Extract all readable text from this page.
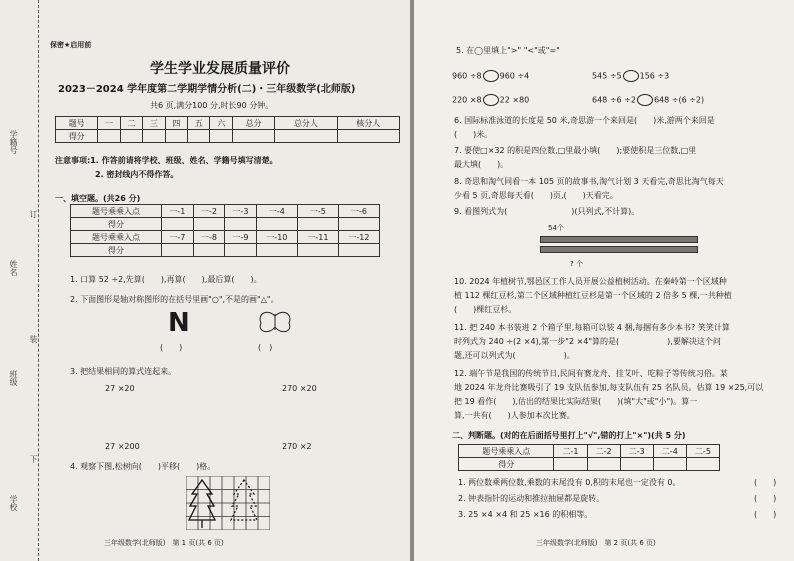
学籍号
订
姓名
装
班级
下
学校
保密★启用前
学生学业发展质量评价
2023－2024 学年度第二学期学情分析(二)・三年级数学(北师版)
共6 页,满分100 分,时长90 分钟。
题号	一	二	三	四	五	六	总分	总分人	核分人
得分									
注意事项:1. 作答前请将学校、班级、姓名、学籍号填写清楚。
2. 密封线内不得作答。
一、填空题。(共26 分)
题号乘乘入点	一-1	一-2	一-3	一-4	一-5	一-6
得分						
题号乘乘入点	一-7	一-8	一-9	一-10	一-11	一-12
得分						
1. 口算 52 ÷2,先算(　　),再算(　　),最后算(　　)。
2. 下面图形是轴对称图形的在括号里画"○",不是的画"△"。
N
(　　)	(　)
3. 把结果相同的算式连起来。
27 ×20	270 ×20
27 ×200	270 ×2
4. 观察下图,松树向(　　)平移(　　)格。
三年级数学(北师版)　第 1 页(共 6 页)
5. 在◯里填上">" "<"或"="
960 ÷8 960 ÷4	545 ÷5 156 ÷3
220 ×8 22 ×80	648 ÷6 ÷2 648 ÷(6 ÷2)
6. 国际标准泳道的长度是 50 米,奇思游一个来回是(　　)米,游两个来回是
(　　)米。
7. 要使□×32 的积是四位数,□里最小填(　　);要使积是三位数,□里
最大填(　　)。
8. 奇思和淘气同看一本 105 页的故事书,淘气计划 3 天看完,奇思比淘气每天
少看 5 页,奇思每天看(　　)页,(　　)天看完。
9. 看图列式为(　　　　　　　　)(只列式,不计算)。
54个
? 个
10. 2024 年植树节,鄂邑区工作人员开展公益植树活动。在秦岭第一个区域种
植 112 棵红豆杉,第二个区域种植红豆杉是第一个区域的 2 倍多 5 棵,一共种植
(　　)棵红豆杉。
11. 把 240 本书装进 2 个箱子里,每箱可以装 4 捆,每捆有多少本书? 笑笑计算
时列式为 240 ÷(2 ×4),第一步"2 ×4"算的是(　　　　　　),要解决这个问
题,还可以列式为(　　　　　　)。
12. 端午节是我国的传统节日,民间有赛龙舟、挂艾叶、吃粽子等传统习俗。某
地 2024 年龙舟比赛吸引了 19 支队伍参加,每支队伍有 25 名队员。估算 19 ×25,可以
把 19 看作(　　),估出的结果比实际结果(　　)(填"大"或"小")。算一
算,一共有(　　)人参加本次比赛。
二、判断题。(对的在后面括号里打上"√",错的打上"×")(共 5 分)
题号乘乘入点	二-1	二-2	二-3	二-4	二-5
得分					
1. 两位数乘两位数,乘数的末尾没有 0,积的末尾也一定没有 0。	(　　)
2. 钟表指针的运动和推拉抽屉都是旋转。	(　　)
3. 25 ×4 ×4 和 25 ×16 的积相等。	(　　)
三年级数学(北师版)　第 2 页(共 6 页)
